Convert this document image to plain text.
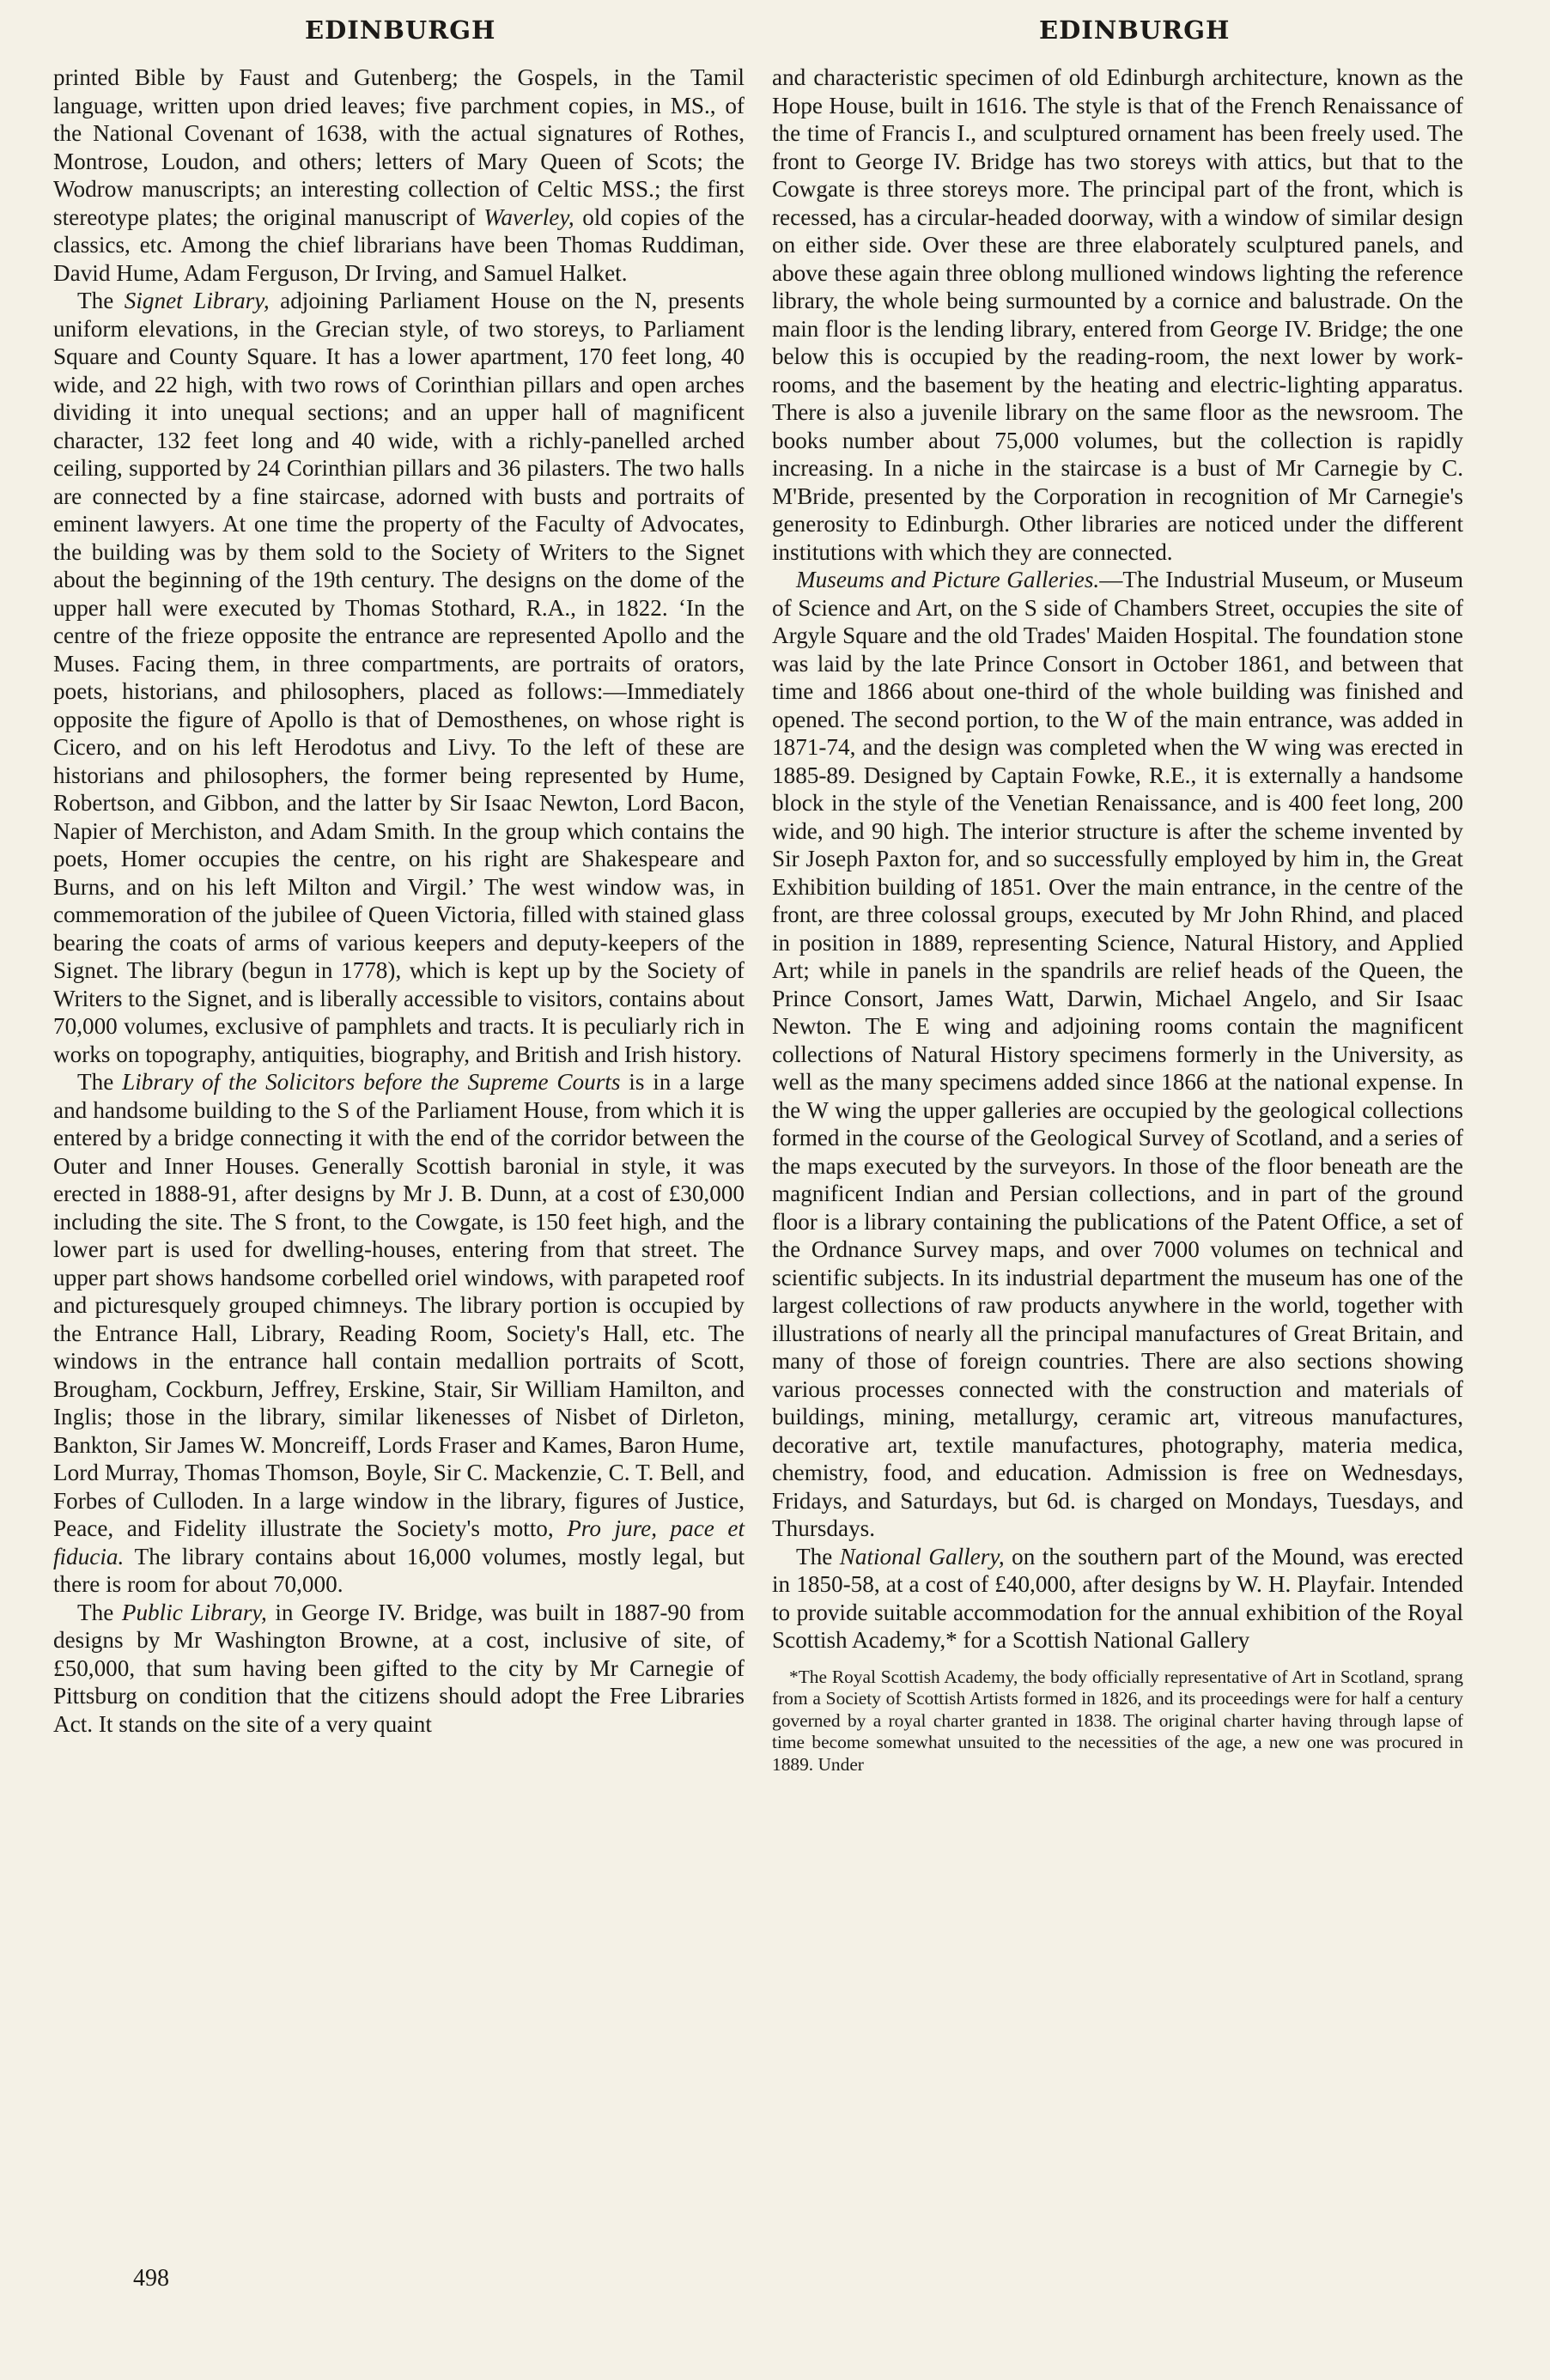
EDINBURGH	EDINBURGH

printed Bible by Faust and Gutenberg; the Gospels, in the Tamil language, written upon dried leaves; five parchment copies, in MS., of the National Covenant of 1638, with the actual signatures of Rothes, Montrose, Loudon, and others; letters of Mary Queen of Scots; the Wodrow manuscripts; an interesting collection of Celtic MSS.; the first stereotype plates; the original manuscript of Waverley, old copies of the classics, etc. Among the chief librarians have been Thomas Ruddiman, David Hume, Adam Ferguson, Dr Irving, and Samuel Halket.

The Signet Library, adjoining Parliament House on the N, presents uniform elevations, in the Grecian style, of two storeys, to Parliament Square and County Square. It has a lower apartment, 170 feet long, 40 wide, and 22 high, with two rows of Corinthian pillars and open arches dividing it into unequal sections; and an upper hall of magnificent character, 132 feet long and 40 wide, with a richly-panelled arched ceiling, supported by 24 Corinthian pillars and 36 pilasters. The two halls are connected by a fine staircase, adorned with busts and portraits of eminent lawyers. At one time the property of the Faculty of Advocates, the building was by them sold to the Society of Writers to the Signet about the beginning of the 19th century. The designs on the dome of the upper hall were executed by Thomas Stothard, R.A., in 1822. ‘In the centre of the frieze opposite the entrance are represented Apollo and the Muses. Facing them, in three compartments, are portraits of orators, poets, historians, and philosophers, placed as follows:—Immediately opposite the figure of Apollo is that of Demosthenes, on whose right is Cicero, and on his left Herodotus and Livy. To the left of these are historians and philosophers, the former being represented by Hume, Robertson, and Gibbon, and the latter by Sir Isaac Newton, Lord Bacon, Napier of Merchiston, and Adam Smith. In the group which contains the poets, Homer occupies the centre, on his right are Shakespeare and Burns, and on his left Milton and Virgil.’ The west window was, in commemoration of the jubilee of Queen Victoria, filled with stained glass bearing the coats of arms of various keepers and deputy-keepers of the Signet. The library (begun in 1778), which is kept up by the Society of Writers to the Signet, and is liberally accessible to visitors, contains about 70,000 volumes, exclusive of pamphlets and tracts. It is peculiarly rich in works on topography, antiquities, biography, and British and Irish history.

The Library of the Solicitors before the Supreme Courts is in a large and handsome building to the S of the Parliament House, from which it is entered by a bridge connecting it with the end of the corridor between the Outer and Inner Houses. Generally Scottish baronial in style, it was erected in 1888-91, after designs by Mr J. B. Dunn, at a cost of £30,000 including the site. The S front, to the Cowgate, is 150 feet high, and the lower part is used for dwelling-houses, entering from that street. The upper part shows handsome corbelled oriel windows, with parapeted roof and picturesquely grouped chimneys. The library portion is occupied by the Entrance Hall, Library, Reading Room, Society's Hall, etc. The windows in the entrance hall contain medallion portraits of Scott, Brougham, Cockburn, Jeffrey, Erskine, Stair, Sir William Hamilton, and Inglis; those in the library, similar likenesses of Nisbet of Dirleton, Bankton, Sir James W. Moncreiff, Lords Fraser and Kames, Baron Hume, Lord Murray, Thomas Thomson, Boyle, Sir C. Mackenzie, C. T. Bell, and Forbes of Culloden. In a large window in the library, figures of Justice, Peace, and Fidelity illustrate the Society's motto, Pro jure, pace et fiducia. The library contains about 16,000 volumes, mostly legal, but there is room for about 70,000.

The Public Library, in George IV. Bridge, was built in 1887-90 from designs by Mr Washington Browne, at a cost, inclusive of site, of £50,000, that sum having been gifted to the city by Mr Carnegie of Pittsburg on condition that the citizens should adopt the Free Libraries Act. It stands on the site of a very quaint

and characteristic specimen of old Edinburgh architecture, known as the Hope House, built in 1616. The style is that of the French Renaissance of the time of Francis I., and sculptured ornament has been freely used. The front to George IV. Bridge has two storeys with attics, but that to the Cowgate is three storeys more. The principal part of the front, which is recessed, has a circular-headed doorway, with a window of similar design on either side. Over these are three elaborately sculptured panels, and above these again three oblong mullioned windows lighting the reference library, the whole being surmounted by a cornice and balustrade. On the main floor is the lending library, entered from George IV. Bridge; the one below this is occupied by the reading-room, the next lower by work-rooms, and the basement by the heating and electric-lighting apparatus. There is also a juvenile library on the same floor as the newsroom. The books number about 75,000 volumes, but the collection is rapidly increasing. In a niche in the staircase is a bust of Mr Carnegie by C. M'Bride, presented by the Corporation in recognition of Mr Carnegie's generosity to Edinburgh. Other libraries are noticed under the different institutions with which they are connected.

Museums and Picture Galleries.—The Industrial Museum, or Museum of Science and Art, on the S side of Chambers Street, occupies the site of Argyle Square and the old Trades' Maiden Hospital. The foundation stone was laid by the late Prince Consort in October 1861, and between that time and 1866 about one-third of the whole building was finished and opened. The second portion, to the W of the main entrance, was added in 1871-74, and the design was completed when the W wing was erected in 1885-89. Designed by Captain Fowke, R.E., it is externally a handsome block in the style of the Venetian Renaissance, and is 400 feet long, 200 wide, and 90 high. The interior structure is after the scheme invented by Sir Joseph Paxton for, and so successfully employed by him in, the Great Exhibition building of 1851. Over the main entrance, in the centre of the front, are three colossal groups, executed by Mr John Rhind, and placed in position in 1889, representing Science, Natural History, and Applied Art; while in panels in the spandrils are relief heads of the Queen, the Prince Consort, James Watt, Darwin, Michael Angelo, and Sir Isaac Newton. The E wing and adjoining rooms contain the magnificent collections of Natural History specimens formerly in the University, as well as the many specimens added since 1866 at the national expense. In the W wing the upper galleries are occupied by the geological collections formed in the course of the Geological Survey of Scotland, and a series of the maps executed by the surveyors. In those of the floor beneath are the magnificent Indian and Persian collections, and in part of the ground floor is a library containing the publications of the Patent Office, a set of the Ordnance Survey maps, and over 7000 volumes on technical and scientific subjects. In its industrial department the museum has one of the largest collections of raw products anywhere in the world, together with illustrations of nearly all the principal manufactures of Great Britain, and many of those of foreign countries. There are also sections showing various processes connected with the construction and materials of buildings, mining, metallurgy, ceramic art, vitreous manufactures, decorative art, textile manufactures, photography, materia medica, chemistry, food, and education. Admission is free on Wednesdays, Fridays, and Saturdays, but 6d. is charged on Mondays, Tuesdays, and Thursdays.

The National Gallery, on the southern part of the Mound, was erected in 1850-58, at a cost of £40,000, after designs by W. H. Playfair. Intended to provide suitable accommodation for the annual exhibition of the Royal Scottish Academy,* for a Scottish National Gallery

*The Royal Scottish Academy, the body officially representative of Art in Scotland, sprang from a Society of Scottish Artists formed in 1826, and its proceedings were for half a century governed by a royal charter granted in 1838. The original charter having through lapse of time become somewhat unsuited to the necessities of the age, a new one was procured in 1889. Under
498
